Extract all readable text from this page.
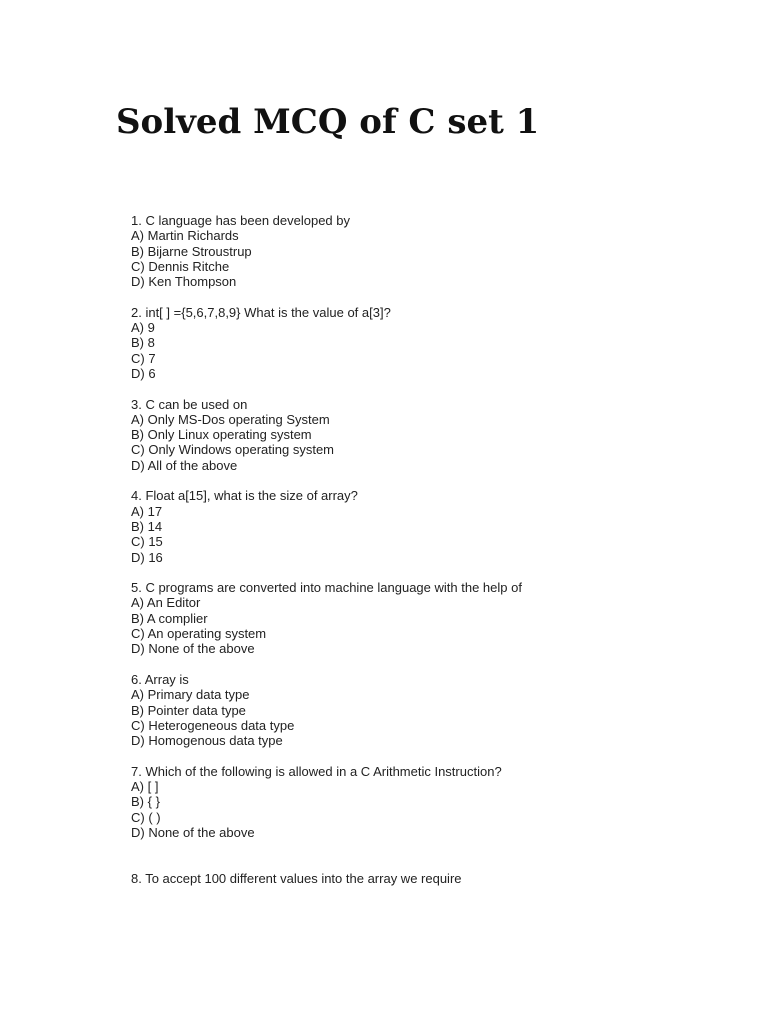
Solved MCQ of C set 1
1. C language has been developed by
A) Martin Richards
B) Bijarne Stroustrup
C) Dennis Ritche
D) Ken Thompson
2. int[ ] ={5,6,7,8,9} What is the value of a[3]?
A) 9
B) 8
C) 7
D) 6
3. C can be used on
A) Only MS-Dos operating System
B) Only Linux operating system
C) Only Windows operating system
D) All of the above
4. Float a[15], what is the size of array?
A) 17
B) 14
C) 15
D) 16
5. C programs are converted into machine language with the help of
A) An Editor
B) A complier
C) An operating system
D) None of the above
6. Array is
A) Primary data type
B) Pointer data type
C) Heterogeneous data type
D) Homogenous data type
7. Which of the following is allowed in a C Arithmetic Instruction?
A) [ ]
B) { }
C) ( )
D) None of the above
8. To accept 100 different values into the array we require
